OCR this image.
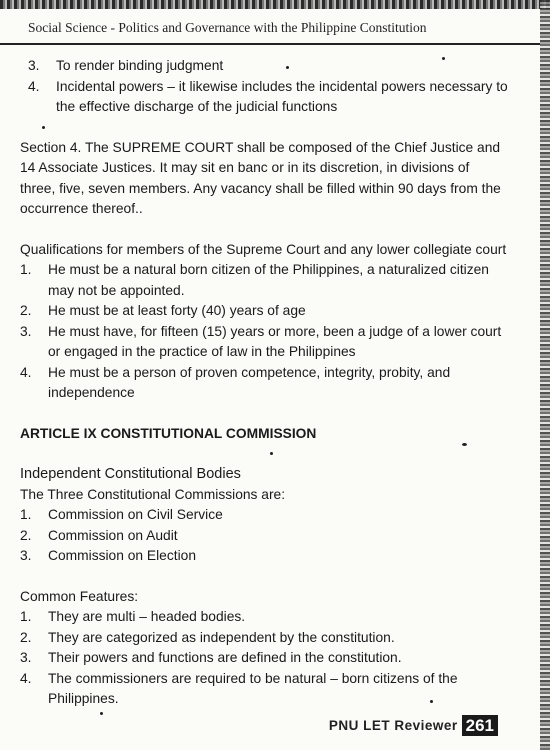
Social Science - Politics and Governance with the Philippine Constitution
3.	To render binding judgment
4.	Incidental powers – it likewise includes the incidental powers necessary to the effective discharge of the judicial functions

Section 4. The SUPREME COURT shall be composed of the Chief Justice and 14 Associate Justices. It may sit en banc or in its discretion, in divisions of three, five, seven members. Any vacancy shall be filled within 90 days from the occurrence thereof..

Qualifications for members of the Supreme Court and any lower collegiate court

1.	He must be a natural born citizen of the Philippines, a naturalized citizen may not be appointed.
2.	He must be at least forty (40) years of age
3.	He must have, for fifteen (15) years or more, been a judge of a lower court or engaged in the practice of law in the Philippines
4.	He must be a person of proven competence, integrity, probity, and independence

ARTICLE IX CONSTITUTIONAL COMMISSION

Independent Constitutional Bodies

The Three Constitutional Commissions are:

1.	Commission on Civil Service
2.	Commission on Audit
3.	Commission on Election

Common Features:

1.	They are multi – headed bodies.
2.	They are categorized as independent by the constitution.
3.	Their powers and functions are defined in the constitution.
4.	The commissioners are required to be natural – born citizens of the Philippines.
PNU LET Reviewer 261
